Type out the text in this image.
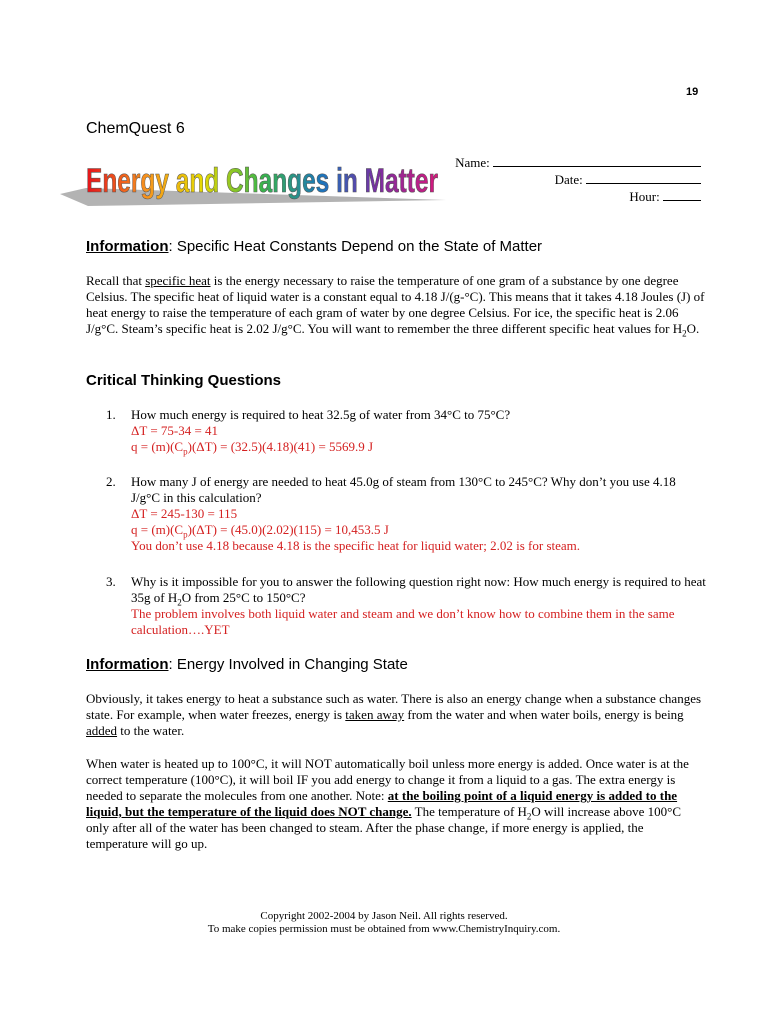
19
ChemQuest 6
Energy and Changes in Matter Name:
Date:
Hour:
Information: Specific Heat Constants Depend on the State of Matter
Recall that specific heat is the energy necessary to raise the temperature of one gram of a substance by one degree Celsius. The specific heat of liquid water is a constant equal to 4.18 J/(g-°C). This means that it takes 4.18 Joules (J) of heat energy to raise the temperature of each gram of water by one degree Celsius. For ice, the specific heat is 2.06 J/g°C. Steam’s specific heat is 2.02 J/g°C. You will want to remember the three different specific heat values for $H_2O$.
Critical Thinking Questions
1. How much energy is required to heat 32.5g of water from 34°C to 75°C?
ΔT = 75-34 = 41
$q = (m)(C_p)(\Delta T) = (32.5)(4.18)(41) = 5569.9$ J
2. How many J of energy are needed to heat 45.0g of steam from 130°C to 245°C? Why don’t you use 4.18 J/g°C in this calculation?
ΔT = 245-130 = 115
$q = (m)(C_p)(\Delta T) = (45.0)(2.02)(115) = 10,453.5$ J
You don’t use 4.18 because 4.18 is the specific heat for liquid water; 2.02 is for steam.
3. Why is it impossible for you to answer the following question right now: How much energy is required to heat 35g of $H_2O$ from 25°C to 150°C?
The problem involves both liquid water and steam and we don’t know how to combine them in the same calculation….YET
Information: Energy Involved in Changing State
Obviously, it takes energy to heat a substance such as water. There is also an energy change when a substance changes state. For example, when water freezes, energy is taken away from the water and when water boils, energy is being added to the water.
When water is heated up to 100°C, it will NOT automatically boil unless more energy is added. Once water is at the correct temperature (100°C), it will boil IF you add energy to change it from a liquid to a gas. The extra energy is needed to separate the molecules from one another. Note: at the boiling point of a liquid energy is added to the liquid, but the temperature of the liquid does NOT change. The temperature of $H_2O$ will increase above 100°C only after all of the water has been changed to steam. After the phase change, if more energy is applied, the temperature will go up.
Copyright 2002-2004 by Jason Neil. All rights reserved.
To make copies permission must be obtained from www.ChemistryInquiry.com.
